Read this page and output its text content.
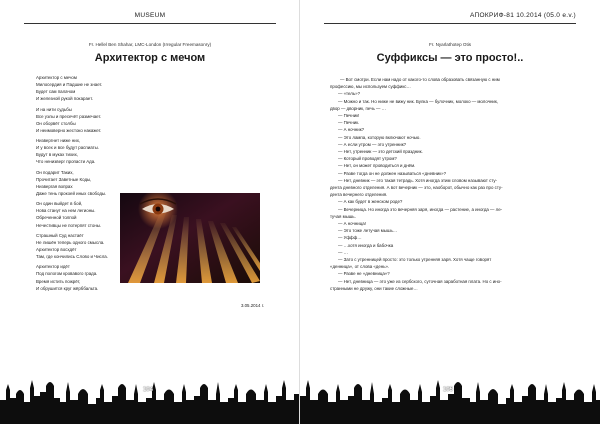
MUSEUM
Fr. Hellel Ben Shahar, LMC-London (Irregular Freemasonry)
Архитектор с мечом
Архитектор с мечом
Милосердия и Падшие не знает.
Будет сам палачом
И железной рукой покарает.
И на нити судьбы
Все узлы и пресечёт размечает.
Он оборвёт столбы
И неимоверно жестоко накажет.
Низвергнет ниже них,
И у всех и все будут распиаты.
Будут в муках тихих,
Что ненизверг пропасти Ада.
Он подарит Таких,
Прочитает Заветные Коды,
Низвергая вопрах
Даже тень прокоей иных свободы.
Он один выйдет в бой,
Нова станут на нем легионы.
Обреченной толпой
Нечестивцы не потерпят стоны.
Страшный Суд настаёт
Не лишён теперь одного смысла.
Архитектор восхдёт
Там, где кончились Слово и Числа.
Архитектор идёт
Под пологом кровавого града.
Время истить пожрёт,
И обрушится круг жёрббальта.
3.05.2014 г.
194
АПОКРИФ-81 10.2014 (05.0 e.v.)
Fr. Nyarlathotep Otis
Суффиксы — это просто!..
— Вот смотри. Если нам надо от какого-то слова образовать связанную с ним
профессию, мы используем суффикс…
— «тель»?
— Можно и так. Но ниже не вижу ник. Булка — булочник, молоко — молочник,
двор — дворник, печь — …
— Печник!
— Печник.
— А ночник?
— Это лампа, которую включают ночью.
— А если утром — это утренник?
— Нет, утренник — это детский праздник.
— Который проводят утром?
— Нет, он может проводиться и днём.
— Разве тогда он не должен называться «дневник»?
— Нет, дневник — это такая тетрадь. Хотя иногда этим словом называют сту-
дента дневного отделения. А вот вечерник — это, наоборот, обычно как раз про сту-
дента вечернего отделения.
— А как будет в женском роде?
— Вечерница. Но иногда это вечерняя заря, иногда — растение, а иногда — ле-
тучая мышь.
— А ночница!
— Это тоже летучая мышь…
— Уффф…
— …хотя иногда и бабочка
— …
— Зато с утренницей просто: это только утренняя заря. Хотя чаще говорят
«денница», от слова «день».
— Разве не «дневница»?
— Нет, дневница — это уже из сербского, суточная заработная плата. Но с ино-
странными не дружу, они такие сложные…
195
